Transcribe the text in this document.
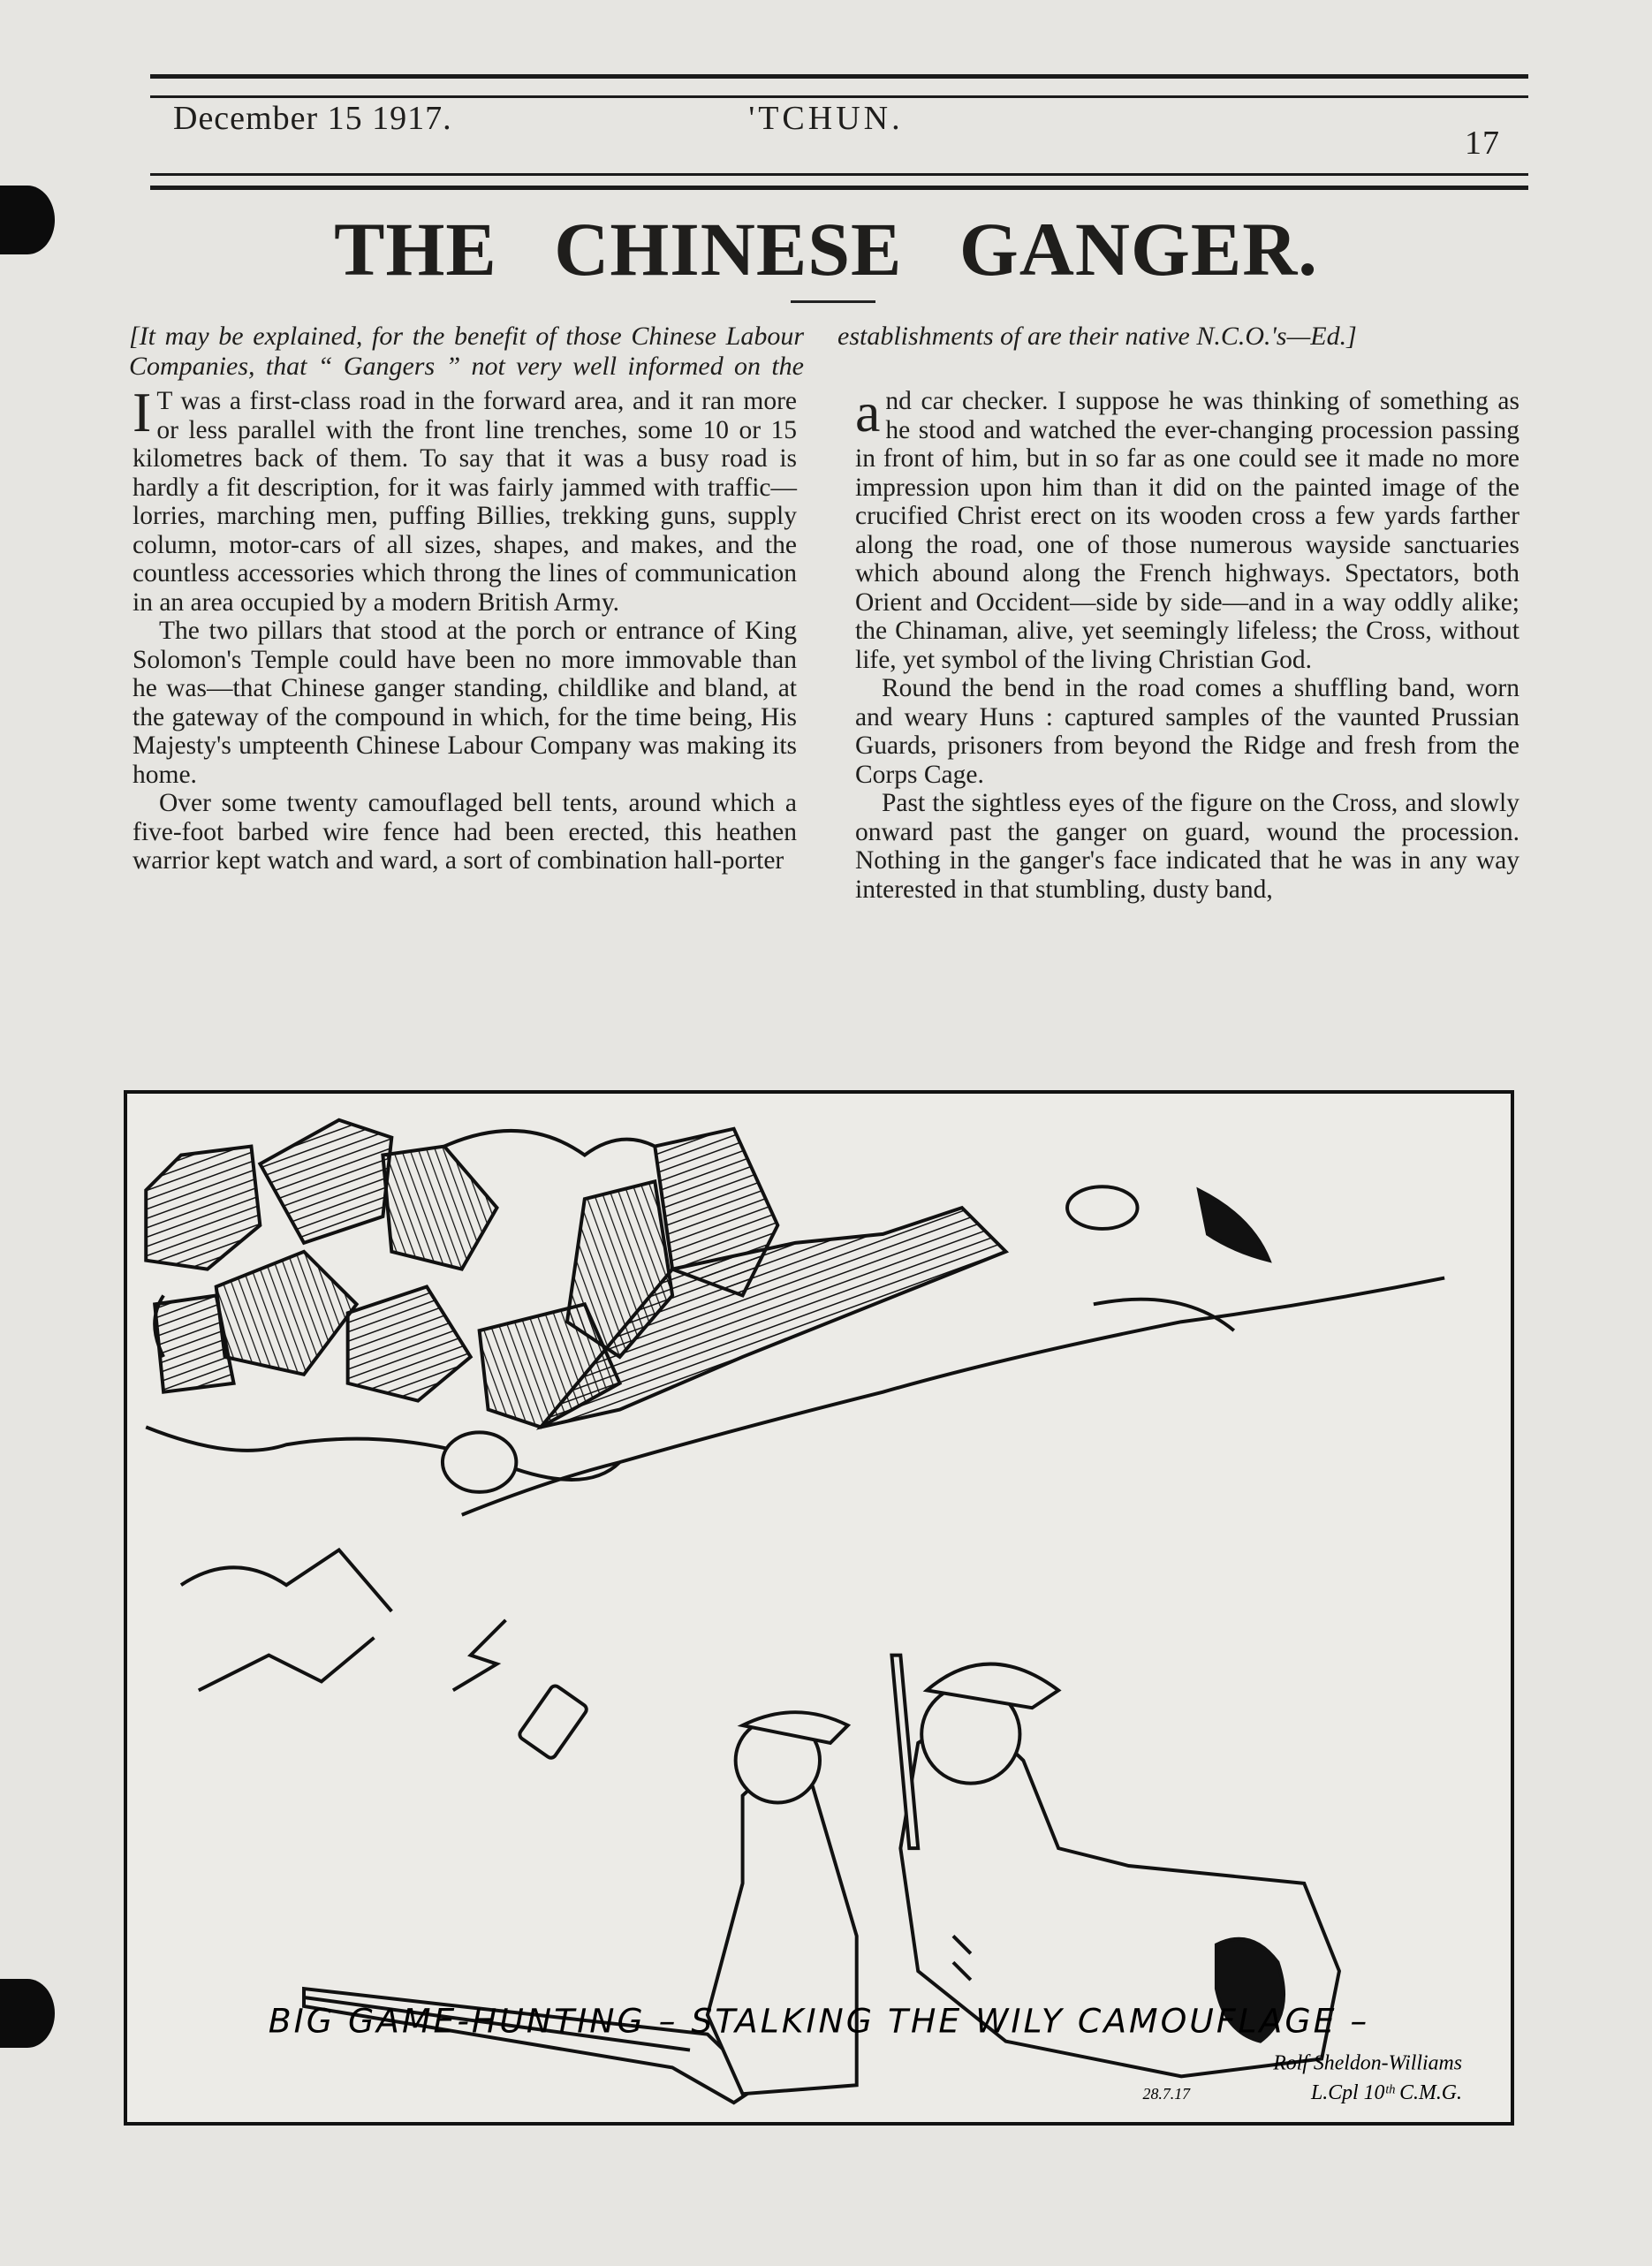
December 15 1917.	'TCHUN.
17
THE CHINESE GANGER.
[It may be explained, for the benefit of those Chinese Labour Companies, that “ Gangers ” not very well informed on the establishments of are their native N.C.O.'s—Ed.]

IT was a first-class road in the forward area, and it ran more or less parallel with the front line trenches, some 10 or 15 kilometres back of them. To say that it was a busy road is hardly a fit description, for it was fairly jammed with traffic—lorries, marching men, puffing Billies, trekking guns, supply column, motor-cars of all sizes, shapes, and makes, and the countless accessories which throng the lines of communication in an area occupied by a modern British Army.

The two pillars that stood at the porch or entrance of King Solomon's Temple could have been no more immovable than he was—that Chinese ganger standing, childlike and bland, at the gateway of the compound in which, for the time being, His Majesty's umpteenth Chinese Labour Company was making its home.

Over some twenty camouflaged bell tents, around which a five-foot barbed wire fence had been erected, this heathen warrior kept watch and ward, a sort of combination hall-porter

and car checker. I suppose he was thinking of something as he stood and watched the ever-changing procession passing in front of him, but in so far as one could see it made no more impression upon him than it did on the painted image of the crucified Christ erect on its wooden cross a few yards farther along the road, one of those numerous wayside sanctuaries which abound along the French highways. Spectators, both Orient and Occident—side by side—and in a way oddly alike; the Chinaman, alive, yet seemingly lifeless; the Cross, without life, yet symbol of the living Christian God.

Round the bend in the road comes a shuffling band, worn and weary Huns : captured samples of the vaunted Prussian Guards, prisoners from beyond the Ridge and fresh from the Corps Cage.

Past the sightless eyes of the figure on the Cross, and slowly onward past the ganger on guard, wound the procession. Nothing in the ganger's face indicated that he was in any way interested in that stumbling, dusty band,

BIG GAME-HUNTING – STALKING THE WILY CAMOUFLAGE –
Rolf Sheldon-Williams
28.7.17	L.Cpl 10ᵗʰ C.M.G.
